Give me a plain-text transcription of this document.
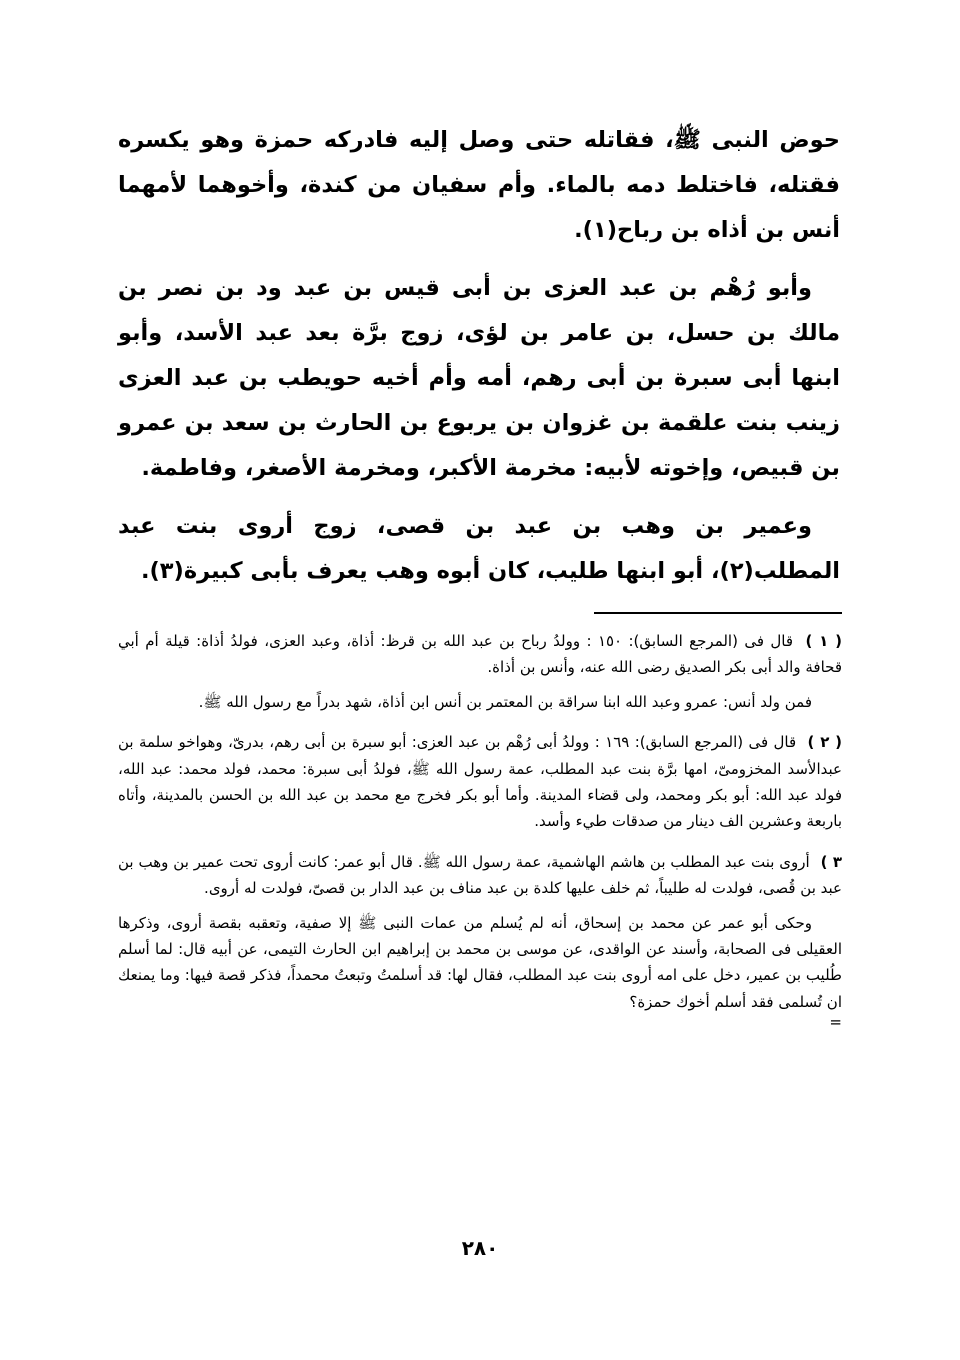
حوض النبى ﷺ، فقاتله حتى وصل إليه فادركه حمزة وهو يكسره فقتله، فاختلط دمه بالماء. وأم سفيان من كندة، وأخوهما لأمهما أنس بن أذاه بن رباح(١).

وأبو رُهْم بن عبد العزى بن أبى قيس بن عبد ود بن نصر بن مالك بن حسل، بن عامر بن لؤى، زوج برَّة بعد عبد الأسد، وأبو ابنها أبى سبرة بن أبى رهم، أمه وأم أخيه حويطب بن عبد العزى زينب بنت علقمة بن غزوان بن يربوع بن الحارث بن سعد بن عمرو بن قبيص، وإخوته لأبيه: مخرمة الأكبر، ومخرمة الأصغر، وفاطمة.

وعمير بن وهب بن عبد بن قصى، زوج أروى بنت عبد المطلب(٢)، أبو ابنها طليب، كان أبوه وهب يعرف بأبى كبيرة(٣).

( ١ ) قال فى (المرجع السابق): ١٥٠ : وولدُ رباح بن عبد الله بن قرظ: أذاة، وعبد العزى، فولدُ أذاة: قيلة أم أبي قحافة والد أبى بكر الصديق رضى الله عنه، وأنس بن أذاة.

فمن ولد أنس: عمرو وعبد الله ابنا سراقة بن المعتمر بن أنس ابن أذاة، شهد بدراً مع رسول الله ﷺ.

( ٢ ) قال فى (المرجع السابق): ١٦٩ : وولدُ أبى رُهْم بن عبد العزى: أبو سبرة بن أبى رهم، بدرىّ، وهواخو سلمة بن عبدالأسد المخزومىّ، امها برَّة بنت عبد المطلب، عمة رسول الله ﷺ، فولدُ أبى سبرة: محمد، فولد محمد: عبد الله، فولد عبد الله: أبو بكر ومحمد، ولى قضاء المدينة. وأما أبو بكر فخرج مع محمد بن عبد الله بن الحسن بالمدينة، وأتاه باربعة وعشرين الف دينار من صدقات طيء وأسد.

٣ ) أروى بنت عبد المطلب بن هاشم الهاشمية، عمة رسول الله ﷺ. قال أبو عمر: كانت أروى تحت عمير بن وهب بن عبد بن قُصى، فولدت له طليباً، ثم خلف عليها كلدة بن عبد مناف بن عبد الدار بن قصىّ، فولدت له أروى.

وحكى أبو عمر عن محمد بن إسحاق، أنه لم يُسلم من عمات النبى ﷺ إلا صفية، وتعقبه بقصة أروى، وذكرها العقيلى فى الصحابة، وأسند عن الواقدى، عن موسى بن محمد بن إبراهيم ابن الحارث التيمى، عن أبيه قال: لما أسلم طُليب بن عمير، دخل على امه أروى بنت عبد المطلب، فقال لها: قد أسلمتُ وتبعتُ محمداً، فذكر قصة فيها: وما يمنعك ان تُسلمى فقد أسلم أخوك حمزة؟

=
٢٨٠
